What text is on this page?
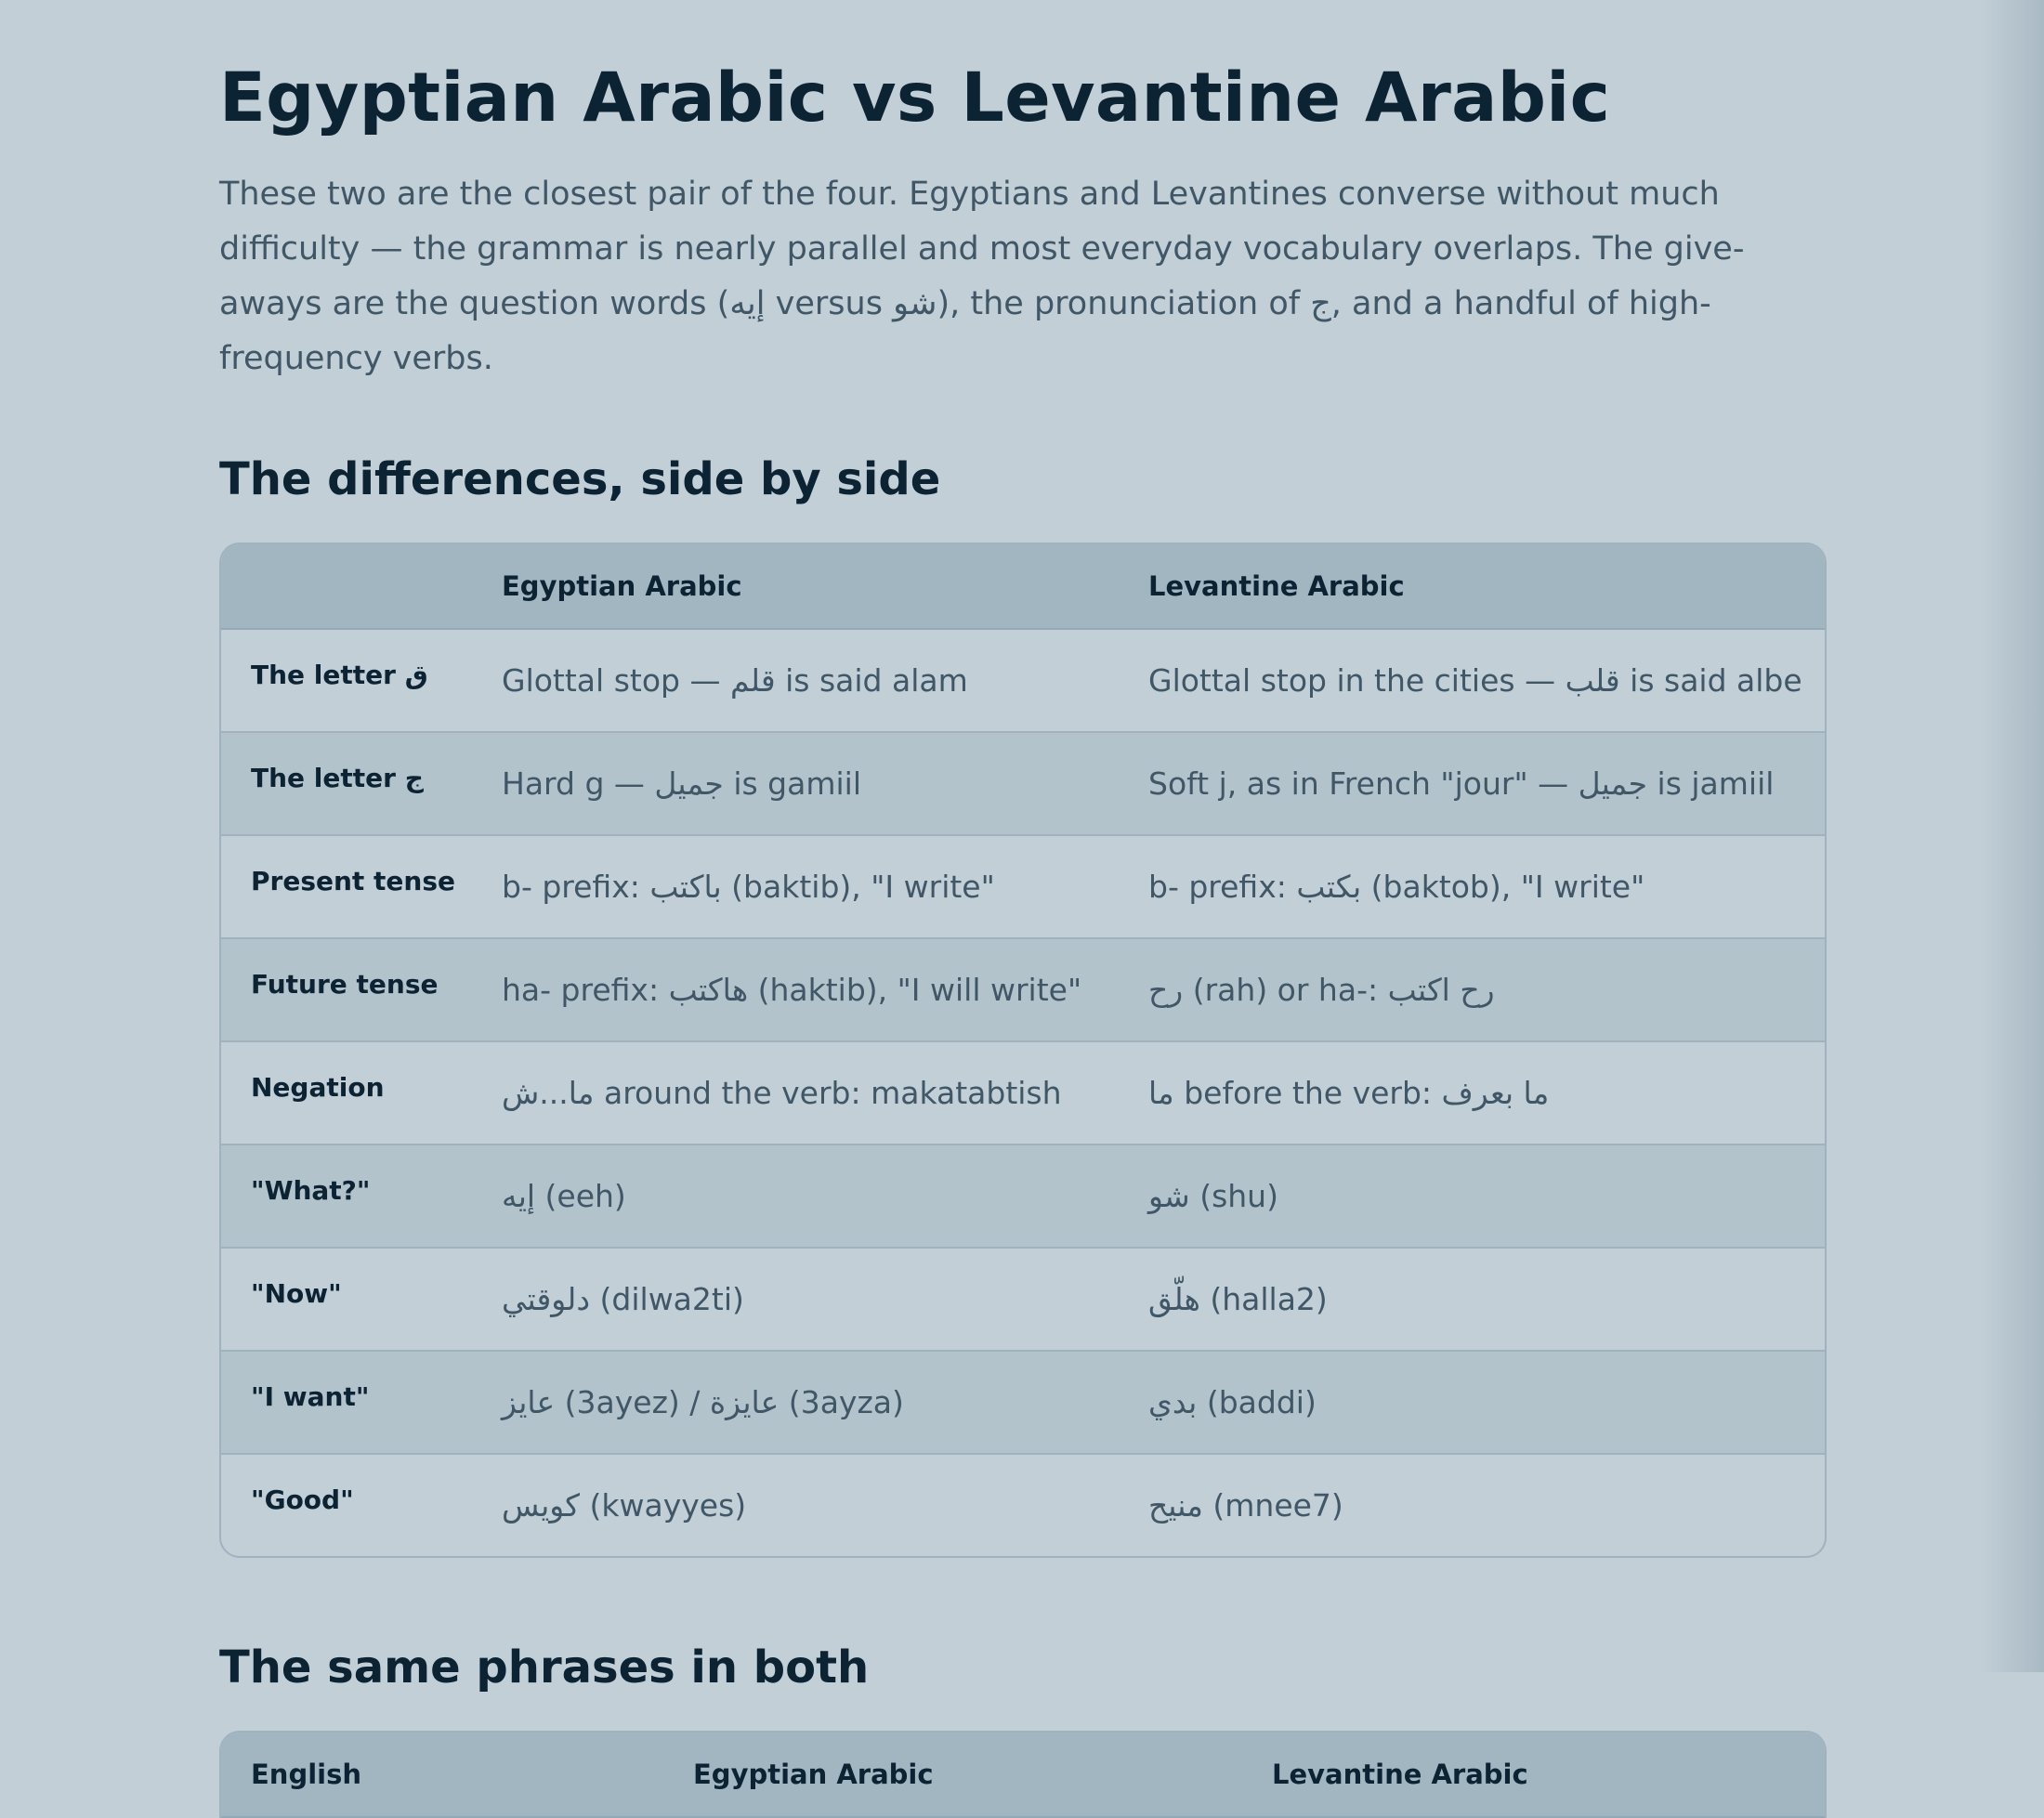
Egyptian Arabic vs Levantine Arabic

These two are the closest pair of the four. Egyptians and Levantines converse without much difficulty — the grammar is nearly parallel and most everyday vocabulary overlaps. The give-aways are the question words (إيه versus شو), the pronunciation of ج, and a handful of high-frequency verbs.

The differences, side by side
	Egyptian Arabic	Levantine Arabic
The letter ق	Glottal stop — قلم is said alam	Glottal stop in the cities — قلب is said albe
The letter ج	Hard g — جميل is gamiil	Soft j, as in French "jour" — جميل is jamiil
Present tense	b- prefix: باكتب (baktib), "I write"	b- prefix: بكتب (baktob), "I write"
Future tense	ha- prefix: هاكتب (haktib), "I will write"	رح (rah) or ha-: رح اكتب
Negation	ما...ش around the verb: makatabtish	ما before the verb: ما بعرف
"What?"	إيه (eeh)	شو (shu)
"Now"	دلوقتي (dilwa2ti)	هلّق (halla2)
"I want"	عايز (3ayez) / عايزة (3ayza)	بدي (baddi)
"Good"	كويس (kwayyes)	منيح (mnee7)
The same phrases in both
English	Egyptian Arabic	Levantine Arabic
